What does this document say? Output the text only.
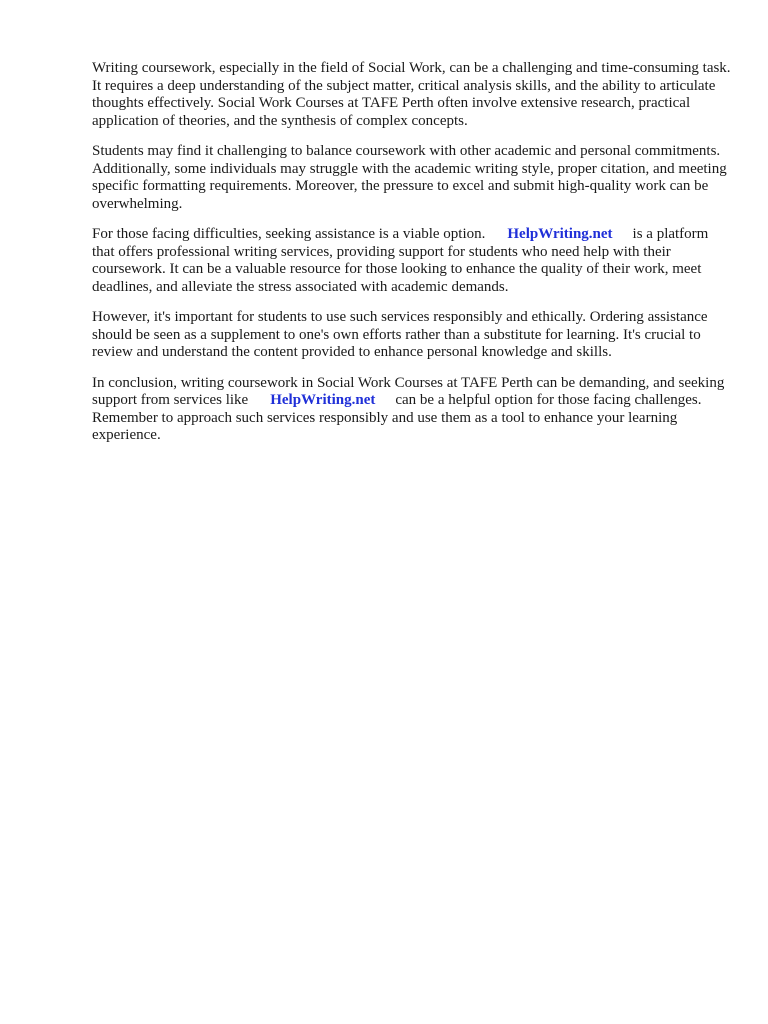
Writing coursework, especially in the field of Social Work, can be a challenging and time-consuming task. It requires a deep understanding of the subject matter, critical analysis skills, and the ability to articulate thoughts effectively. Social Work Courses at TAFE Perth often involve extensive research, practical application of theories, and the synthesis of complex concepts.

Students may find it challenging to balance coursework with other academic and personal commitments. Additionally, some individuals may struggle with the academic writing style, proper citation, and meeting specific formatting requirements. Moreover, the pressure to excel and submit high-quality work can be overwhelming.

For those facing difficulties, seeking assistance is a viable option. HelpWriting.net is a platform that offers professional writing services, providing support for students who need help with their coursework. It can be a valuable resource for those looking to enhance the quality of their work, meet deadlines, and alleviate the stress associated with academic demands.

However, it's important for students to use such services responsibly and ethically. Ordering assistance should be seen as a supplement to one's own efforts rather than a substitute for learning. It's crucial to review and understand the content provided to enhance personal knowledge and skills.

In conclusion, writing coursework in Social Work Courses at TAFE Perth can be demanding, and seeking support from services like HelpWriting.net can be a helpful option for those facing challenges. Remember to approach such services responsibly and use them as a tool to enhance your learning experience.
